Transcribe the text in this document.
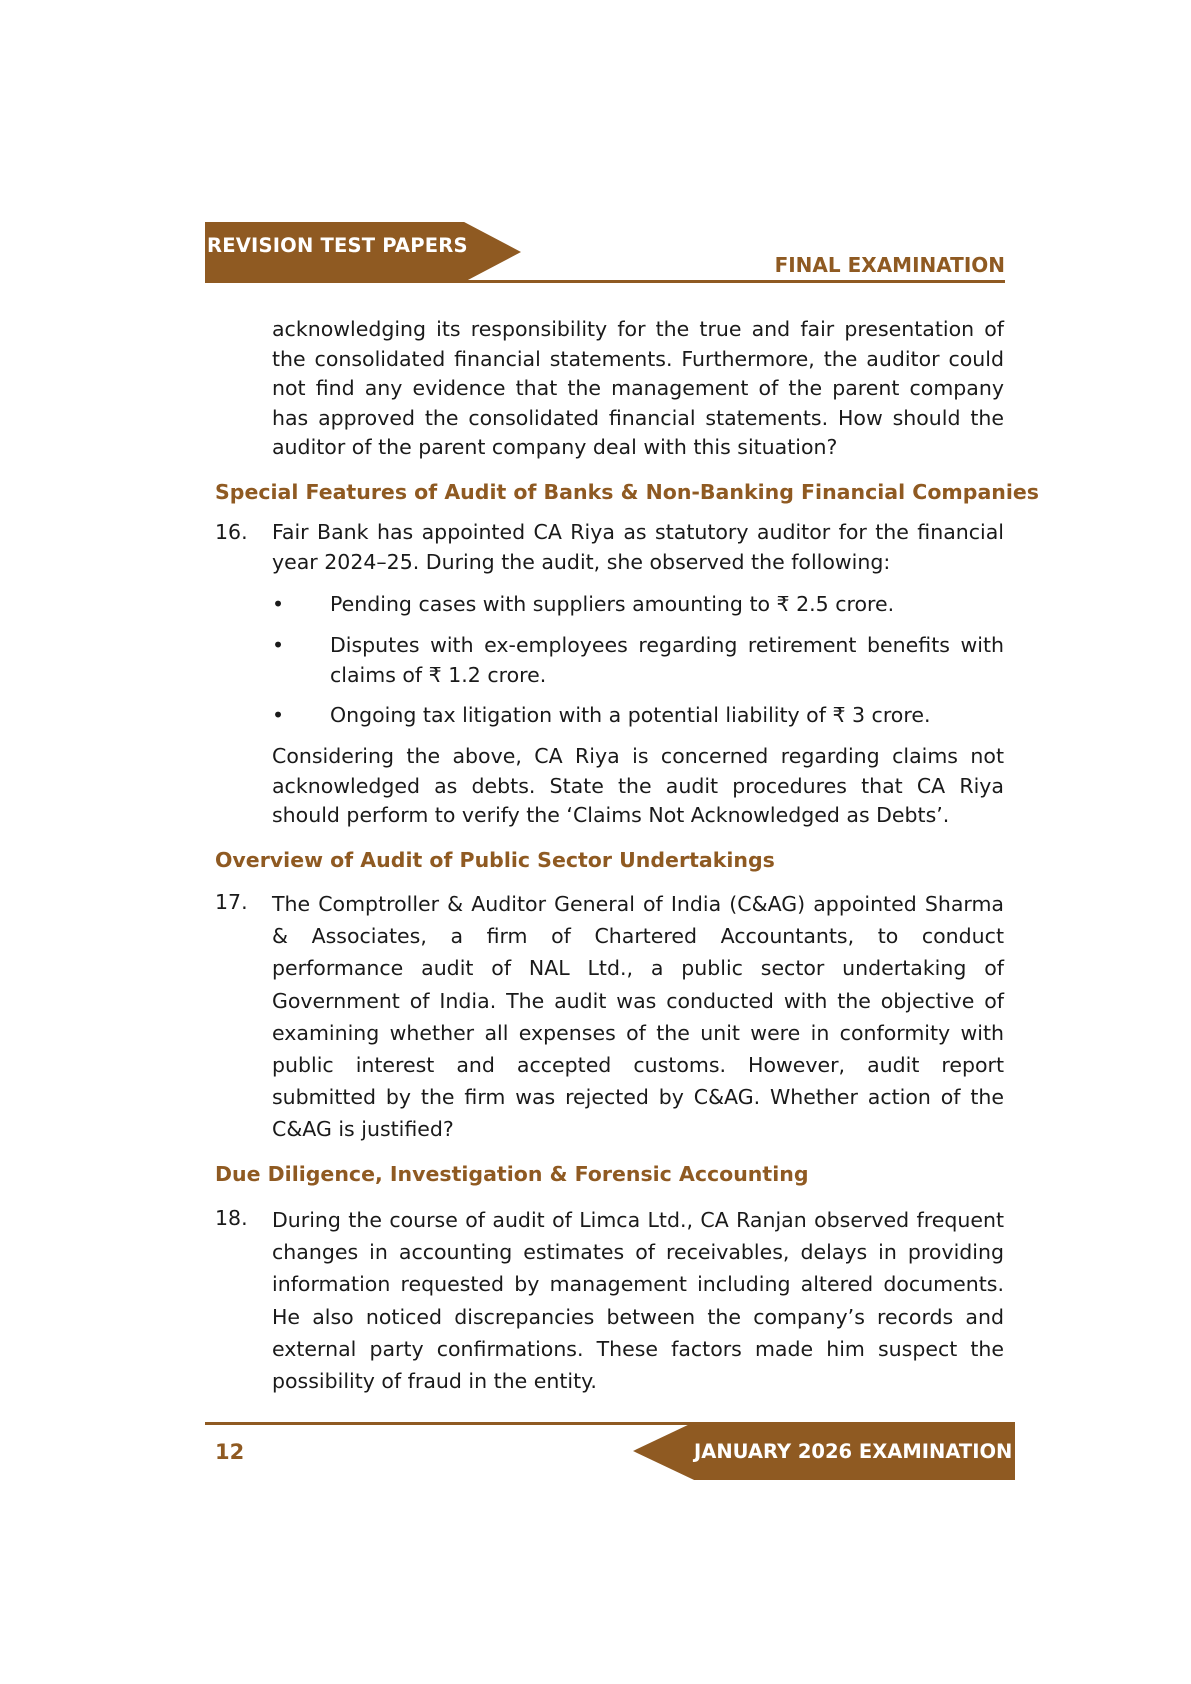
REVISION TEST PAPERS
FINAL EXAMINATION
acknowledging its responsibility for the true and fair presentation of the consolidated financial statements. Furthermore, the auditor could not find any evidence that the management of the parent company has approved the consolidated financial statements. How should the auditor of the parent company deal with this situation?
Special Features of Audit of Banks & Non-Banking Financial Companies
16. Fair Bank has appointed CA Riya as statutory auditor for the financial year 2024–25. During the audit, she observed the following:
• Pending cases with suppliers amounting to ₹ 2.5 crore.
• Disputes with ex-employees regarding retirement benefits with claims of ₹ 1.2 crore.
• Ongoing tax litigation with a potential liability of ₹ 3 crore.
Considering the above, CA Riya is concerned regarding claims not acknowledged as debts. State the audit procedures that CA Riya should perform to verify the ‘Claims Not Acknowledged as Debts’.
Overview of Audit of Public Sector Undertakings
17. The Comptroller & Auditor General of India (C&AG) appointed Sharma & Associates, a firm of Chartered Accountants, to conduct performance audit of NAL Ltd., a public sector undertaking of Government of India. The audit was conducted with the objective of examining whether all expenses of the unit were in conformity with public interest and accepted customs. However, audit report submitted by the firm was rejected by C&AG. Whether action of the C&AG is justified?
Due Diligence, Investigation & Forensic Accounting
18. During the course of audit of Limca Ltd., CA Ranjan observed frequent changes in accounting estimates of receivables, delays in providing information requested by management including altered documents. He also noticed discrepancies between the company’s records and external party confirmations. These factors made him suspect the possibility of fraud in the entity.
12	JANUARY 2026 EXAMINATION
